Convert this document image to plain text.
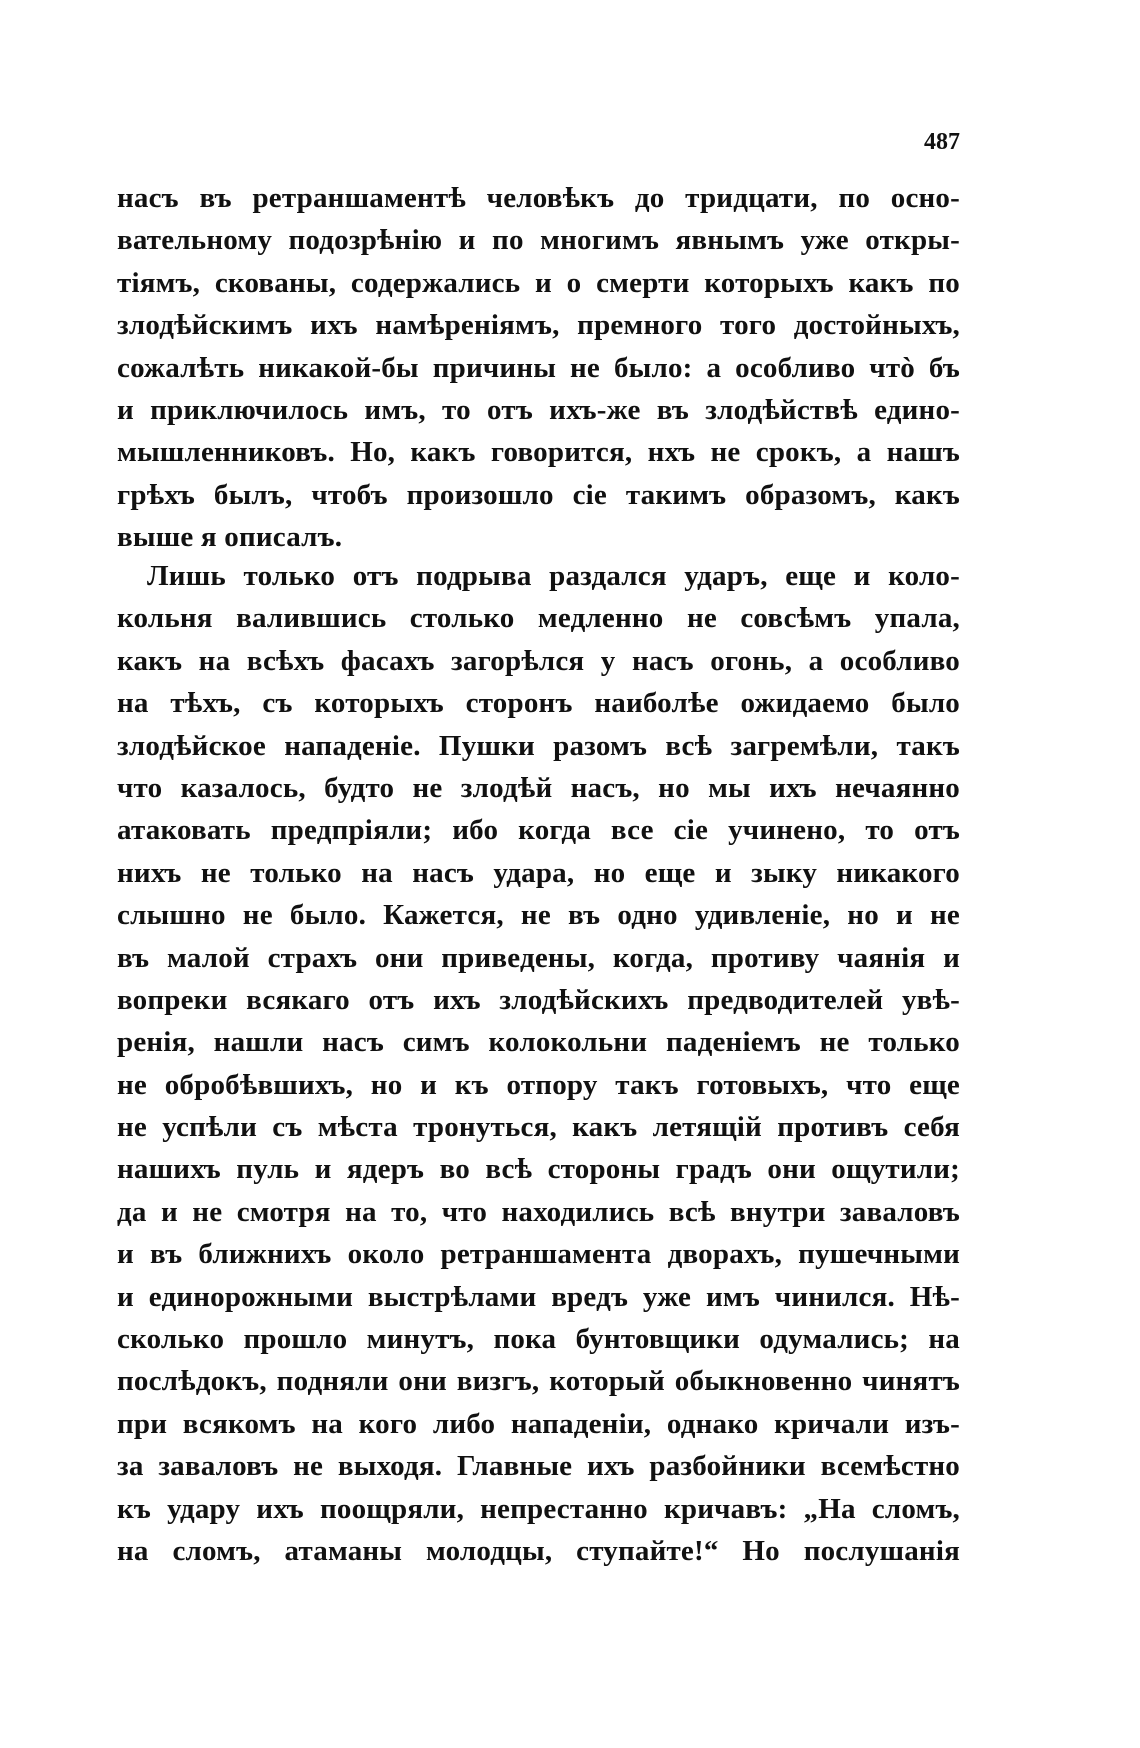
487
насъ въ ретраншаментѣ человѣкъ до тридцати, по осно-
вательному подозрѣнію и по многимъ явнымъ уже откры-
тіямъ, скованы, содержались и о смерти которыхъ какъ по
злодѣйскимъ ихъ намѣреніямъ, премного того достойныхъ,
сожалѣть никакой-бы причины не было: а особливо чтò бъ
и приключилось имъ, то отъ ихъ-же въ злодѣйствѣ едино-
мышленниковъ. Но, какъ говорится, нхъ не срокъ, а нашъ
грѣхъ былъ, чтобъ произошло сіе такимъ образомъ, какъ
выше я описалъ.
Лишь только отъ подрыва раздался ударъ, еще и коло-
кольня валившись столько медленно не совсѣмъ упала,
какъ на всѣхъ фасахъ загорѣлся у насъ огонь, а особливо
на тѣхъ, съ которыхъ сторонъ наиболѣе ожидаемо было
злодѣйское нападеніе. Пушки разомъ всѣ загремѣли, такъ
что казалось, будто не злодѣй насъ, но мы ихъ нечаянно
атаковать предпріяли; ибо когда все сіе учинено, то отъ
нихъ не только на насъ удара, но еще и зыку никакого
слышно не было. Кажется, не въ одно удивленіе, но и не
въ малой страхъ они приведены, когда, противу чаянія и
вопреки всякаго отъ ихъ злодѣйскихъ предводителей увѣ-
ренія, нашли насъ симъ колокольни паденіемъ не только
не обробѣвшихъ, но и къ отпору такъ готовыхъ, что еще
не успѣли съ мѣста тронуться, какъ летящій противъ себя
нашихъ пуль и ядеръ во всѣ стороны градъ они ощутили;
да и не смотря на то, что находились всѣ внутри заваловъ
и въ ближнихъ около ретраншамента дворахъ, пушечными
и единорожными выстрѣлами вредъ уже имъ чинился. Нѣ-
сколько прошло минутъ, пока бунтовщики одумались; на
послѣдокъ, подняли они визгъ, который обыкновенно чинятъ
при всякомъ на кого либо нападеніи, однако кричали изъ-
за заваловъ не выходя. Главные ихъ разбойники всемѣстно
къ удару ихъ поощряли, непрестанно кричавъ: „На сломъ,
на сломъ, атаманы молодцы, ступайте!“ Но послушанія
